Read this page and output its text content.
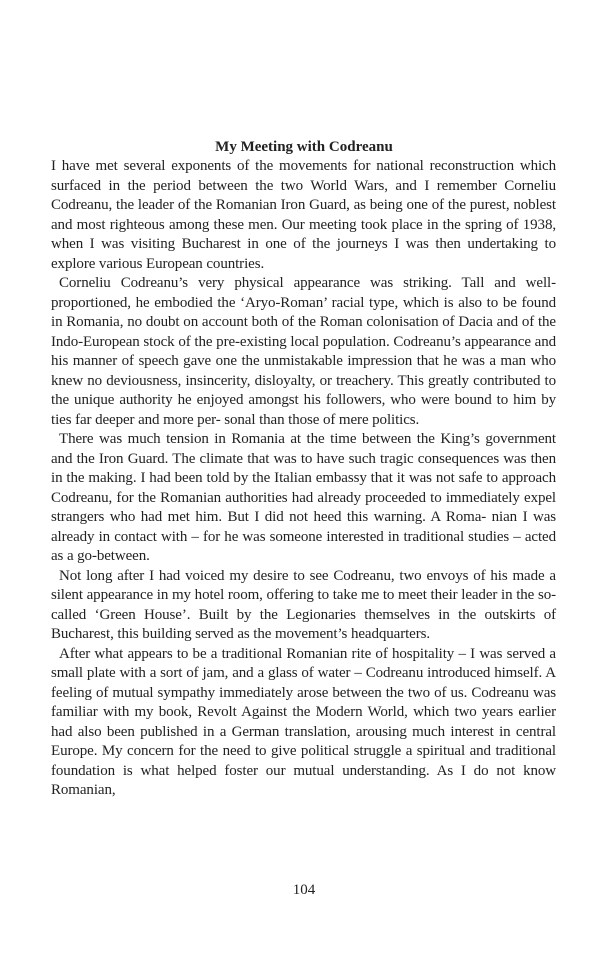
My Meeting with Codreanu

I have met several exponents of the movements for national reconstruction which surfaced in the period between the two World Wars, and I remember Corneliu Codreanu, the leader of the Romanian Iron Guard, as being one of the purest, noblest and most righteous among these men. Our meeting took place in the spring of 1938, when I was visiting Bucharest in one of the journeys I was then undertaking to explore various European countries.

Corneliu Codreanu’s very physical appearance was striking. Tall and well-proportioned, he embodied the ‘Aryo-Roman’ racial type, which is also to be found in Romania, no doubt on account both of the Roman colonisation of Dacia and of the Indo-European stock of the pre-existing local population. Codreanu’s appearance and his manner of speech gave one the unmistakable impression that he was a man who knew no deviousness, insincerity, disloyalty, or treachery. This greatly contributed to the unique authority he enjoyed amongst his followers, who were bound to him by ties far deeper and more per- sonal than those of mere politics.

There was much tension in Romania at the time between the King’s government and the Iron Guard. The climate that was to have such tragic consequences was then in the making. I had been told by the Italian embassy that it was not safe to approach Codreanu, for the Romanian authorities had already proceeded to immediately expel strangers who had met him. But I did not heed this warning. A Roma- nian I was already in contact with – for he was someone interested in traditional studies – acted as a go-between.

Not long after I had voiced my desire to see Codreanu, two envoys of his made a silent appearance in my hotel room, offering to take me to meet their leader in the so-called ‘Green House’. Built by the Legionaries themselves in the outskirts of Bucharest, this building served as the movement’s headquarters.

After what appears to be a traditional Romanian rite of hospitality – I was served a small plate with a sort of jam, and a glass of water – Codreanu introduced himself. A feeling of mutual sympathy immediately arose between the two of us. Codreanu was familiar with my book, Revolt Against the Modern World, which two years earlier had also been published in a German translation, arousing much interest in central Europe. My concern for the need to give political struggle a spiritual and traditional foundation is what helped foster our mutual understanding. As I do not know Romanian,

104
